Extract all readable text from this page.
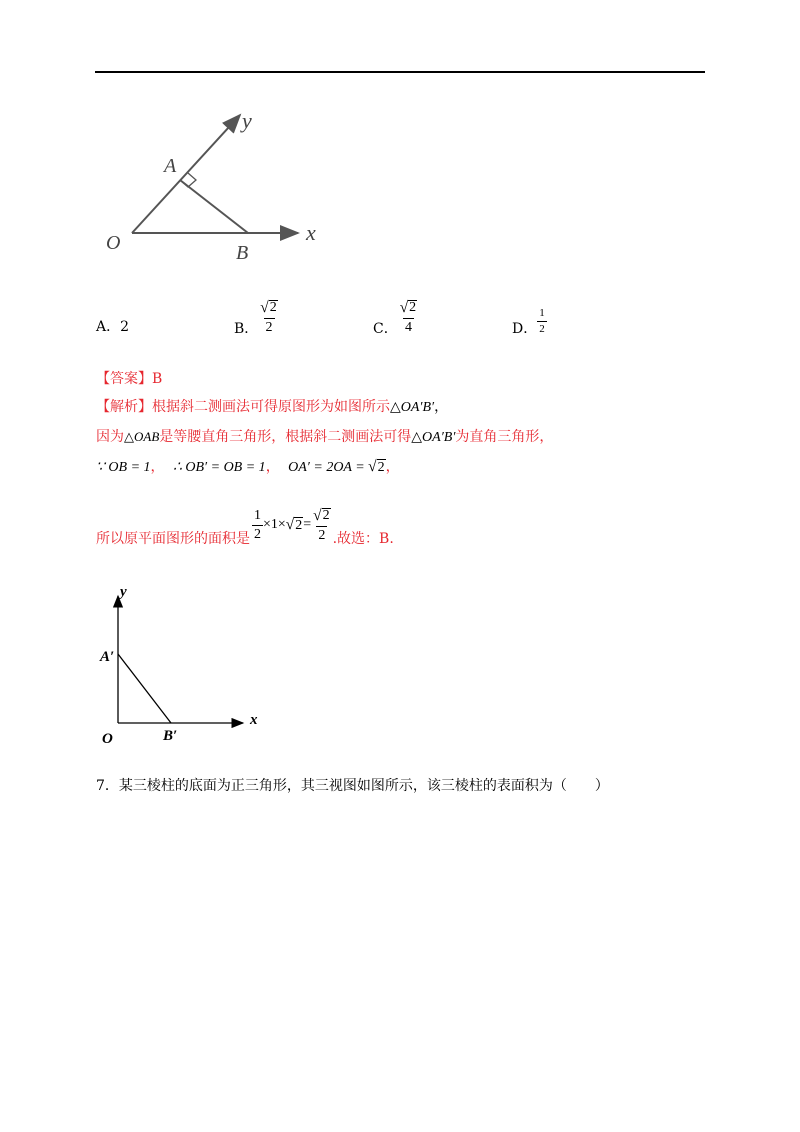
y
A
O	B
x
A．2	B． $\frac{√ 2}{2}$	C． $\frac{√ 2}{4}$	D． $\frac{1}{2}$
【答案】B
【解析】根据斜二测画法可得原图形为如图所示△OA′B′，
因为△OAB是等腰直角三角形，根据斜二测画法可得△OA′B′为直角三角形，
∵ OB = 1， ∴ OB′ = OB = 1， OA′ = 2OA = √ 2 ，
所以原平面图形的面积是 $\frac{1}{2} \times 1\times$ √ $2 = \frac{√ 2}{2}$ .故选：B.
y
A′
x
O	B′
7．某三棱柱的底面为正三角形，其三视图如图所示，该三棱柱的表面积为（　　）
